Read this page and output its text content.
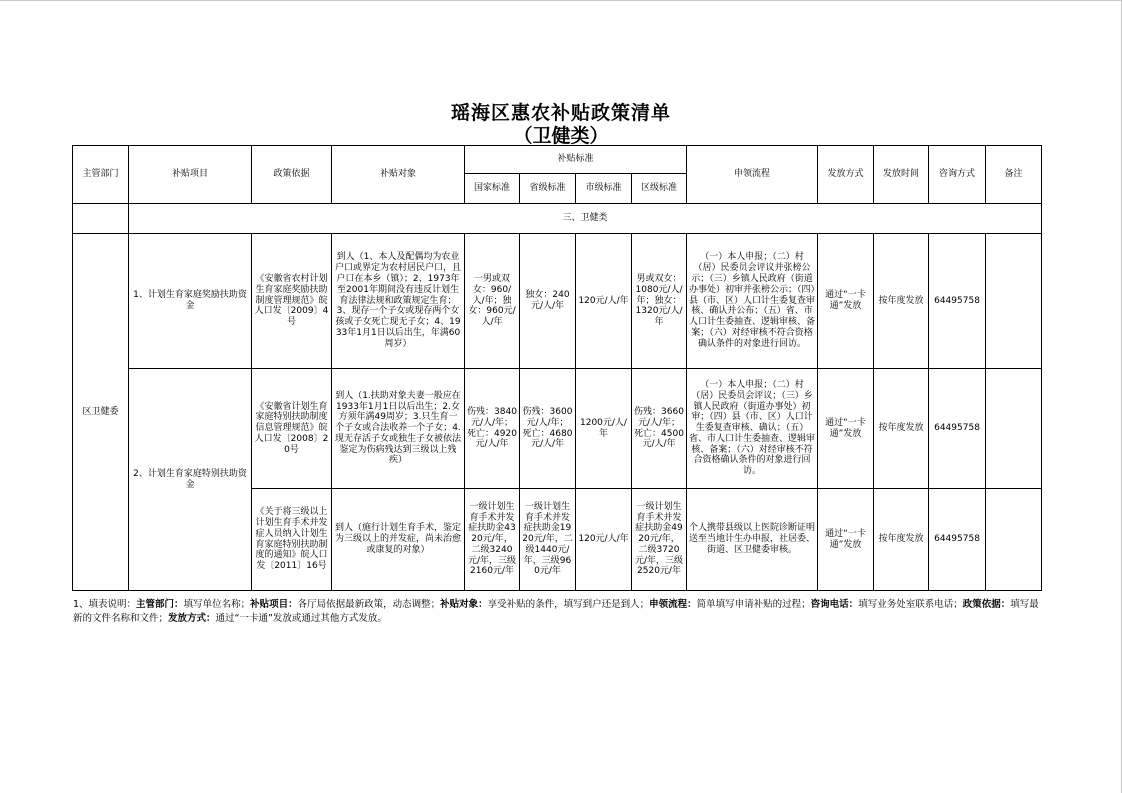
瑶海区惠农补贴政策清单
（卫健类）
主管部门	补贴项目	政策依据	补贴对象	补贴标准				申领流程	发放方式	发放时间	咨询方式	备注
				国家标准	省级标准	市级标准	区级标准					
	三、卫健类											
区卫健委	1、计划生育家庭奖励扶助资金	《安徽省农村计划生育家庭奖励扶助制度管理规范》皖人口发〔2009〕4号	到人（1、本人及配偶均为农业户口或界定为农村居民户口，且户口在本乡（镇）；2、1973年至2001年期间没有违反计划生育法律法规和政策规定生育；3、现存一个子女或现存两个女孩或子女死亡现无子女；4、1933年1月1日以后出生，年满60周岁）	一男或双女：960/人/年；独女：960元/人/年	独女：240元/人/年	120元/人/年	男或双女：1080元/人/年；独女：1320元/人/年	（一）本人申报；（二）村（居）民委员会评议并张榜公示；（三）乡镇人民政府（街道办事处）初审并张榜公示；（四）县（市、区）人口计生委复查审核、确认并公布；（五）省、市人口计生委抽查、逻辑审核、备案；（六）对经审核不符合资格确认条件的对象进行回访。	通过“一卡通”发放	按年度发放	64495758	
	2、计划生育家庭特别扶助资金	《安徽省计划生育家庭特别扶助制度信息管理规范》皖人口发〔2008〕20号	到人（1.扶助对象夫妻一般应在1933年1月1日以后出生；2.女方须年满49周岁；3.只生育一个子女或合法收养一个子女；4.现无存活子女或独生子女被依法鉴定为伤病残达到三级以上残疾）	伤残：3840元/人/年；死亡：4920元/人/年	伤残：3600元/人/年；死亡：4680元/人/年	1200元/人/年	伤残：3660元/人/年；死亡：4500元/人/年	（一）本人申报；（二）村（居）民委员会评议；（三）乡镇人民政府（街道办事处）初审；（四）县（市、区）人口计生委复查审核、确认；（五）省、市人口计生委抽查、逻辑审核、备案；（六）对经审核不符合资格确认条件的对象进行回访。	通过“一卡通”发放	按年度发放	64495758	
		《关于将三级以上计划生育手术并发症人员纳入计划生育家庭特别扶助制度的通知》皖人口发〔2011〕16号	到人（施行计划生育手术，鉴定为三级以上的并发症，尚未治愈或康复的对象）	一级计划生育手术并发症扶助金4320元/年，二级3240元/年，三级2160元/年	一级计划生育手术并发症扶助金1920元/年，二级1440元/年，三级960元/年	120元/人/年	一级计划生育手术并发症扶助金4920元/年，二级3720元/年，三级2520元/年	个人携带县级以上医院诊断证明送至当地计生办申报，社居委、街道、区卫健委审核。	通过“一卡通”发放	按年度发放	64495758	
1、填表说明：主管部门：填写单位名称；补贴项目：各厅局依据最新政策，动态调整；补贴对象：享受补贴的条件，填写到户还是到人；申领流程：简单填写申请补贴的过程；咨询电话：填写业务处室联系电话；政策依据：填写最新的文件名称和文件；发放方式：通过“一卡通”发放或通过其他方式发放。
